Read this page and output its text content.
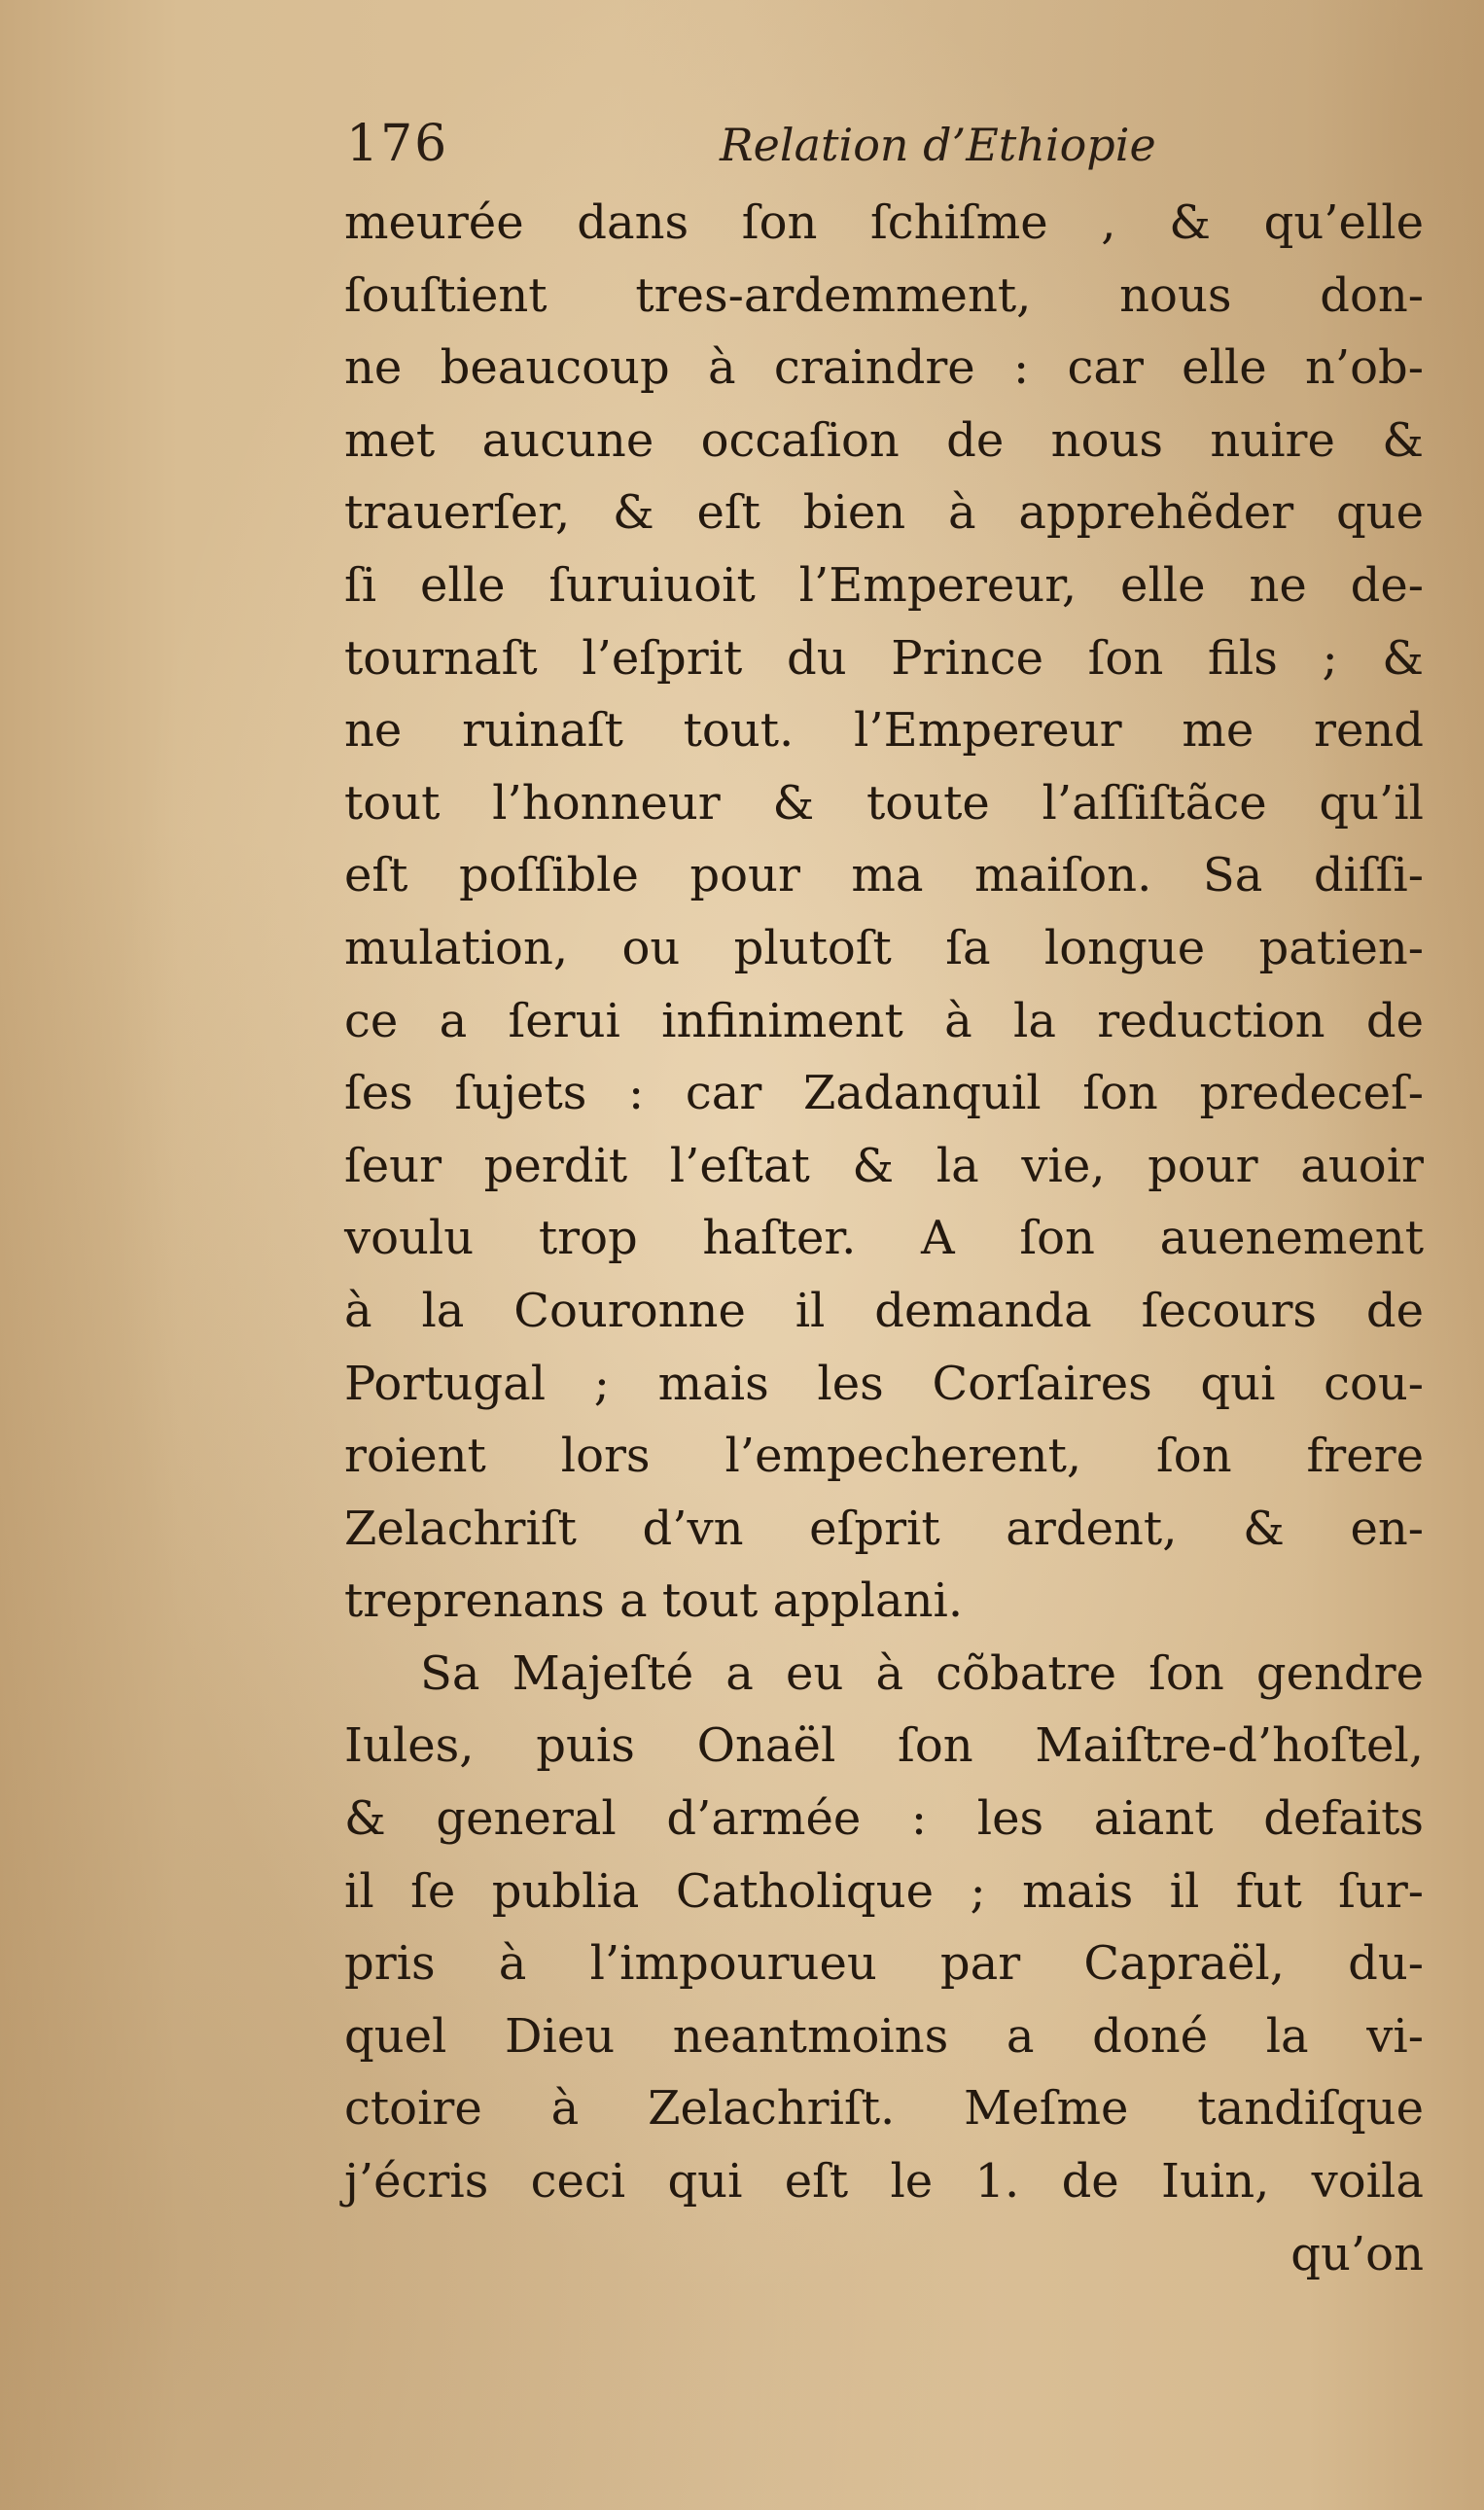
176	Relation d’Ethiopie
meurée dans ſon ſchiſme , & qu’elle
ſouſtient tres-ardemment, nous don-
ne beaucoup à craindre : car elle n’ob-
met aucune occaſion de nous nuire &
trauerſer, & eſt bien à apprehẽder que
ſi elle ſuruiuoit l’Empereur, elle ne de-
tournaſt l’eſprit du Prince ſon fils ; &
ne ruinaſt tout. l’Empereur me rend
tout l’honneur & toute l’aſſiſtãce qu’il
eſt poſſible pour ma maiſon. Sa diſſi-
mulation, ou plutoſt ſa longue patien-
ce a ſerui infiniment à la reduction de
ſes ſujets : car Zadanquil ſon predeceſ-
ſeur perdit l’eſtat & la vie, pour auoir
voulu trop haſter. A ſon auenement
à la Couronne il demanda ſecours de
Portugal ; mais les Corſaires qui cou-
roient lors l’empecherent, ſon frere
Zelachriſt d’vn eſprit ardent, & en-
treprenans a tout applani.
Sa Majeſté a eu à cõbatre ſon gendre
Iules, puis Onaël ſon Maiſtre-d’hoſtel,
& general d’armée : les aiant defaits
il ſe publia Catholique ; mais il fut ſur-
pris à l’impourueu par Capraël, du-
quel Dieu neantmoins a doné la vi-
ctoire à Zelachriſt. Meſme tandiſque
j’écris ceci qui eſt le 1. de Iuin, voila
qu’on
